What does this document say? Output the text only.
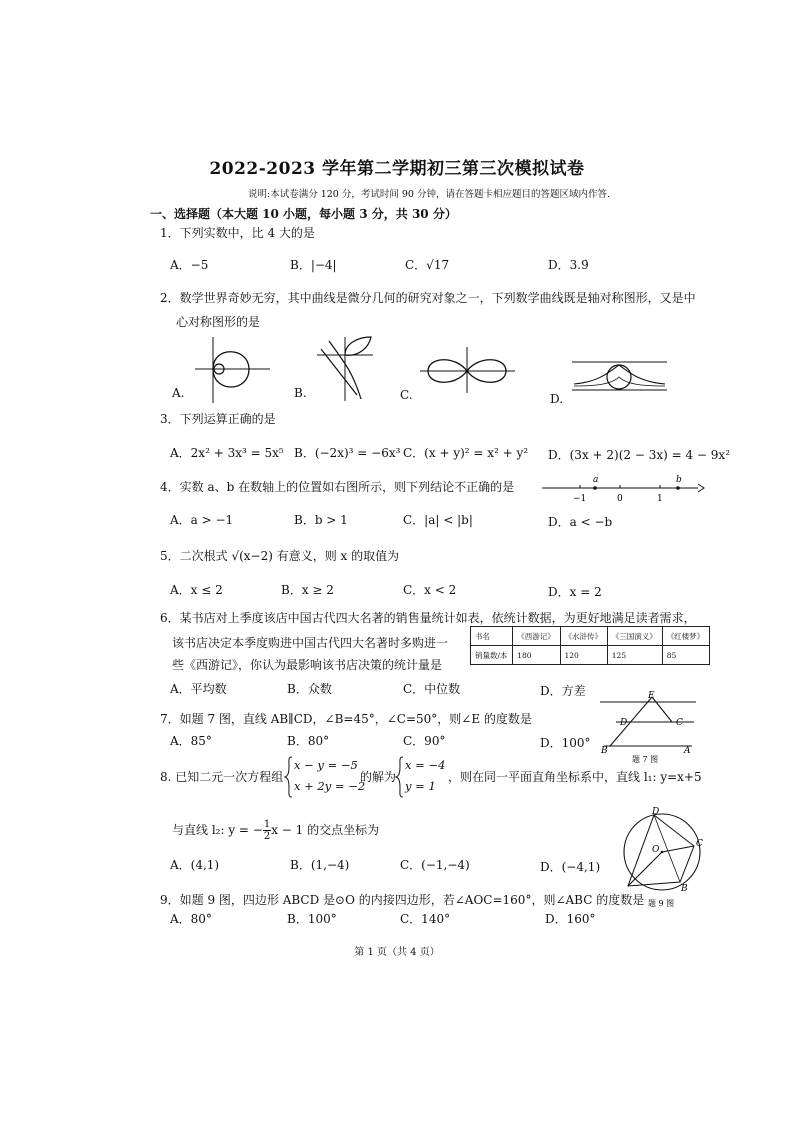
2022-2023 学年第二学期初三第三次模拟试卷
说明:本试卷满分 120 分，考试时间 90 分钟，请在答题卡相应题目的答题区域内作答.
一、选择题（本大题 10 小题，每小题 3 分，共 30 分）
1．下列实数中，比 4 大的是
A．−5	B．|−4|	C．√17	D．3.9̇
2．数学世界奇妙无穷，其中曲线是微分几何的研究对象之一，下列数学曲线既是轴对称图形，又是中
心对称图形的是
A.	B.	C.	D.
3．下列运算正确的是
A．2x² + 3x³ = 5x⁵ B．(−2x)³ = −6x³ C．(x + y)² = x² + y² D．(3x + 2)(2 − 3x) = 4 − 9x²
4．实数 a、b 在数轴上的位置如右图所示，则下列结论不正确的是	a	b
−1	0	1
A．a > −1	B．b > 1	C．|a| < |b|	D．a < −b
5．二次根式 √(x−2) 有意义，则 x 的取值为
A．x ≤ 2	B．x ≥ 2	C．x < 2	D．x = 2
6．某书店对上季度该店中国古代四大名著的销售量统计如表，依统计数据，为更好地满足读者需求，
该书店决定本季度购进中国古代四大名著时多购进一
些《西游记》，你认为最影响该书店决策的统计量是
书名	《西游记》	《水浒传》	《三国演义》	《红楼梦》
销量数/本	180	120	125	85
A．平均数	B．众数	C．中位数	D．方差
7．如题 7 图，直线 AB∥CD，∠B=45°，∠C=50°，则∠E 的度数是
E
D	C
B	A
题 7 图
A．85°	B．80°	C．90°	D．100°
8. 已知二元一次方程组
x − y = −5
x + 2y = −2
的解为
x = −4
y = 1
，则在同一平面直角坐标系中，直线 l₁: y=x+5
与直线 l₂: y = − $\frac{1}{2}$ x − 1 的交点坐标为
A．(4,1)	B．(1,−4)	C．(−1,−4)	D．(−4,1)
D
C
O
B
题 9 图
9．如题 9 图，四边形 ABCD 是⊙O 的内接四边形，若∠AOC=160°，则∠ABC 的度数是
A．80°	B．100°	C．140°	D．160°
第 1 页（共 4 页）
